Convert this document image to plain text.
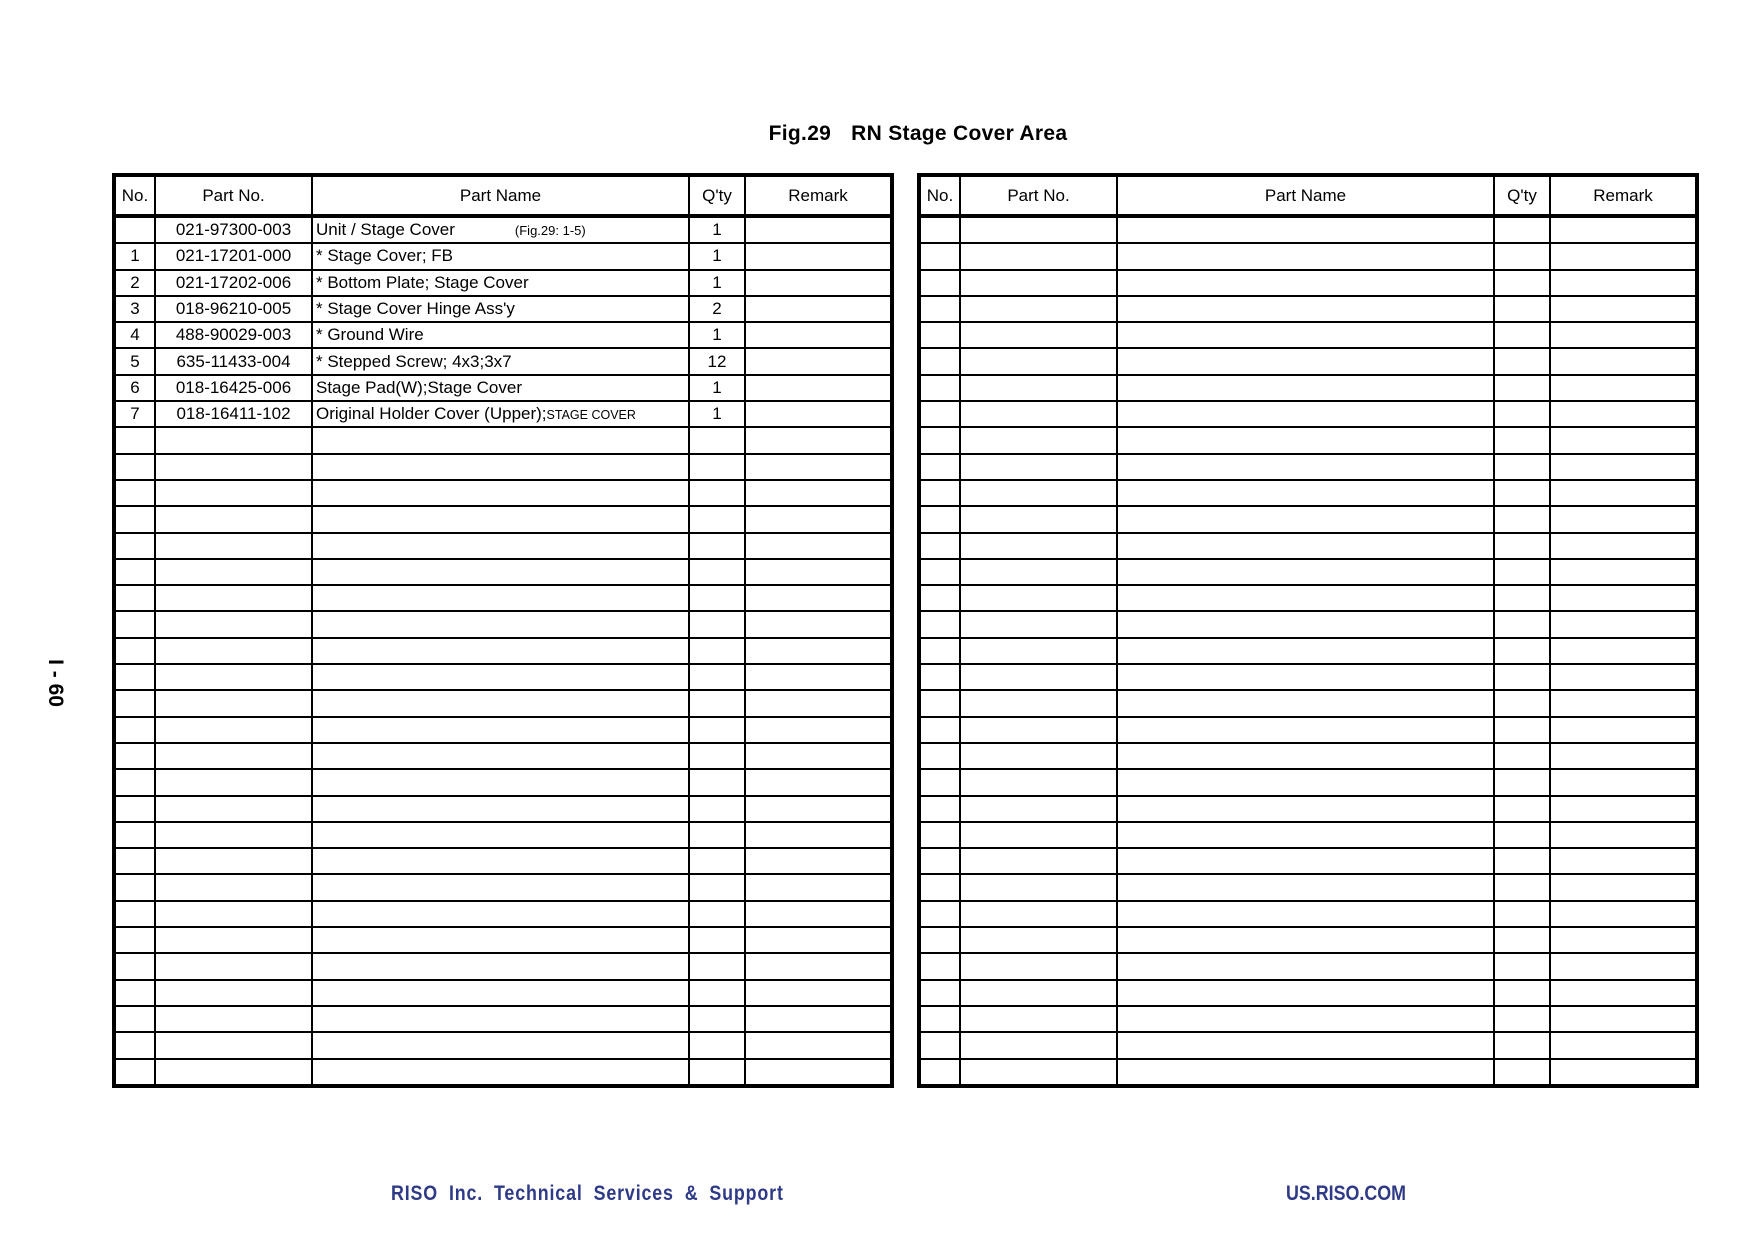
Fig.29 RN Stage Cover Area
I - 60
No.	Part No.	Part Name	Q'ty	Remark
	021-97300-003	Unit / Stage Cover (Fig.29: 1-5)	1	
1	021-17201-000	* Stage Cover; FB	1	
2	021-17202-006	* Bottom Plate; Stage Cover	1	
3	018-96210-005	* Stage Cover Hinge Ass'y	2	
4	488-90029-003	* Ground Wire	1	
5	635-11433-004	* Stepped Screw; 4x3;3x7	12	
6	018-16425-006	Stage Pad(W);Stage Cover	1	
7	018-16411-102	Original Holder Cover (Upper);STAGE COVER	1	

No.	Part No.	Part Name	Q'ty	Remark

RISO Inc. Technical Services & Support	US.RISO.COM
